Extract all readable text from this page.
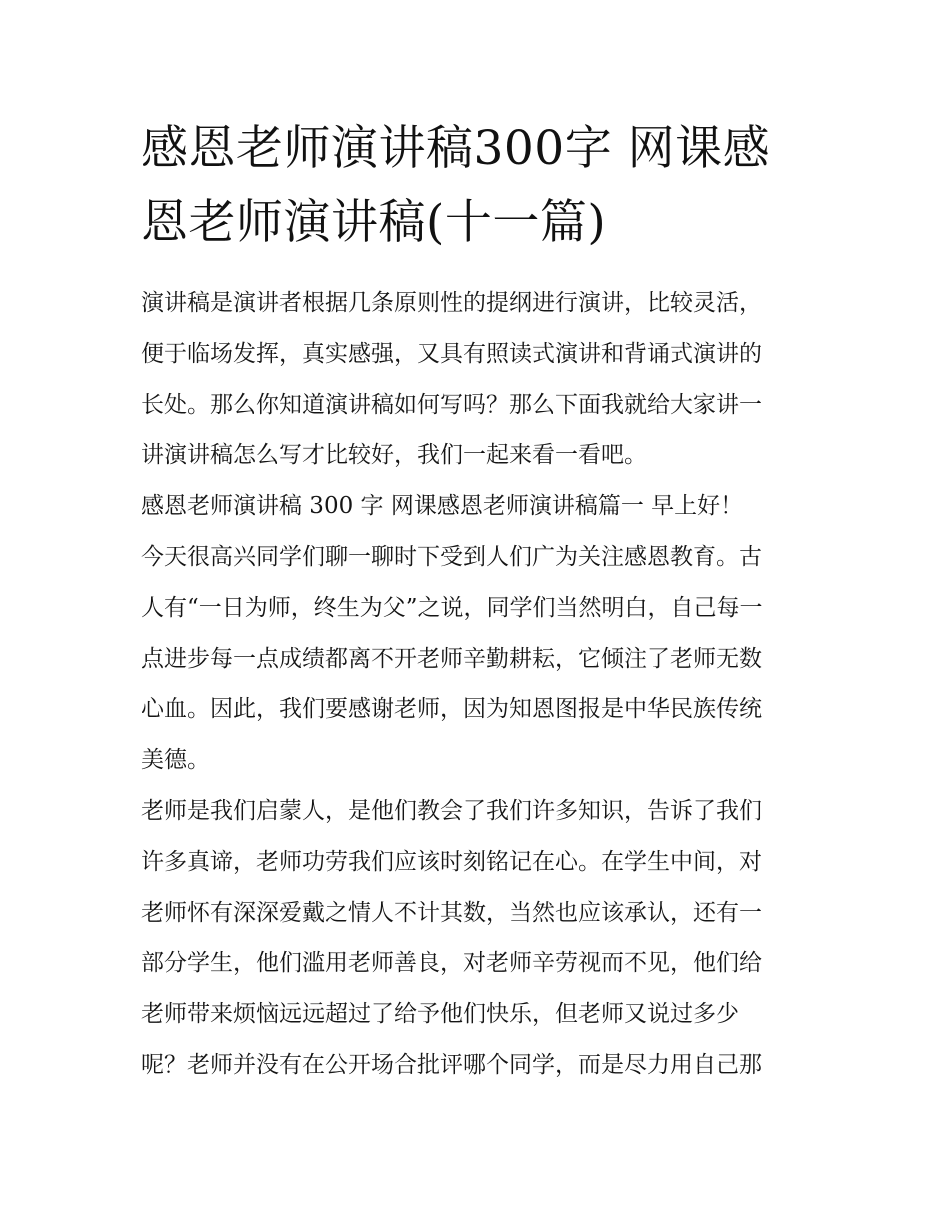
感恩老师演讲稿300字 网课感
恩老师演讲稿(十一篇)
演讲稿是演讲者根据几条原则性的提纲进行演讲，比较灵活，
便于临场发挥，真实感强，又具有照读式演讲和背诵式演讲的
长处。那么你知道演讲稿如何写吗？那么下面我就给大家讲一
讲演讲稿怎么写才比较好，我们一起来看一看吧。
感恩老师演讲稿 300 字 网课感恩老师演讲稿篇一 早上好！
今天很高兴同学们聊一聊时下受到人们广为关注感恩教育。古
人有“一日为师，终生为父”之说，同学们当然明白，自己每一
点进步每一点成绩都离不开老师辛勤耕耘，它倾注了老师无数
心血。因此，我们要感谢老师，因为知恩图报是中华民族传统
美德。
老师是我们启蒙人，是他们教会了我们许多知识，告诉了我们
许多真谛，老师功劳我们应该时刻铭记在心。在学生中间，对
老师怀有深深爱戴之情人不计其数，当然也应该承认，还有一
部分学生，他们滥用老师善良，对老师辛劳视而不见，他们给
老师带来烦恼远远超过了给予他们快乐，但老师又说过多少
呢？老师并没有在公开场合批评哪个同学，而是尽力用自己那
